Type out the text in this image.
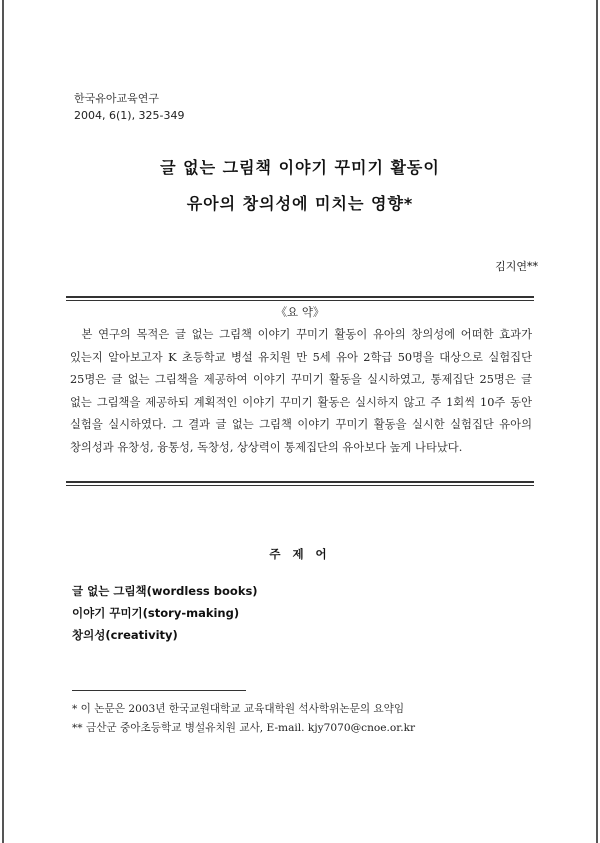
한국유아교육연구
2004, 6(1), 325-349
글 없는 그림책 이야기 꾸미기 활동이
유아의 창의성에 미치는 영향*
김지연**
《요 약》
본 연구의 목적은 글 없는 그림책 이야기 꾸미기 활동이 유아의 창의성에 어떠한 효과가 있는지 알아보고자 K 초등학교 병설 유치원 만 5세 유아 2학급 50명을 대상으로 실험집단 25명은 글 없는 그림책을 제공하여 이야기 꾸미기 활동을 실시하였고, 통제집단 25명은 글 없는 그림책을 제공하되 계획적인 이야기 꾸미기 활동은 실시하지 않고 주 1회씩 10주 동안 실험을 실시하였다. 그 결과 글 없는 그림책 이야기 꾸미기 활동을 실시한 실험집단 유아의 창의성과 유창성, 융통성, 독창성, 상상력이 통제집단의 유아보다 높게 나타났다.
주 제 어
글 없는 그림책(wordless books)
이야기 꾸미기(story-making)
창의성(creativity)
* 이 논문은 2003년 한국교원대학교 교육대학원 석사학위논문의 요약임
** 금산군 중아초등학교 병설유치원 교사, E-mail. kjy7070@cnoe.or.kr
